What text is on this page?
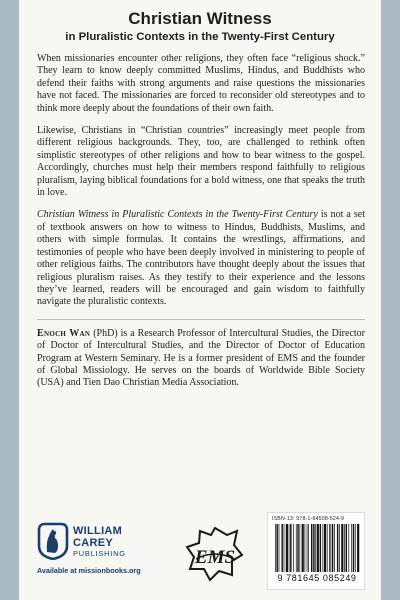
Christian Witness
in Pluralistic Contexts in the Twenty-First Century

When missionaries encounter other religions, they often face “religious shock.” They learn to know deeply committed Muslims, Hindus, and Buddhists who defend their faiths with strong arguments and raise questions the missionaries have not faced. The missionaries are forced to reconsider old stereotypes and to think more deeply about the foundations of their own faith.

Likewise, Christians in “Christian countries” increasingly meet people from different religious backgrounds. They, too, are challenged to rethink often simplistic stereotypes of other religions and how to bear witness to the gospel. Accordingly, churches must help their members respond faithfully to religious pluralism, laying biblical foundations for a bold witness, one that speaks the truth in love.

Christian Witness in Pluralistic Contexts in the Twenty-First Century is not a set of textbook answers on how to witness to Hindus, Buddhists, Muslims, and others with simple formulas. It contains the wrestlings, affirmations, and testimonies of people who have been deeply involved in ministering to people of other religious faiths. The contributors have thought deeply about the issues that religious pluralism raises. As they testify to their experience and the lessons they’ve learned, readers will be encouraged and gain wisdom to faithfully navigate the pluralistic contexts.

Enoch Wan (PhD) is a Research Professor of Intercultural Studies, the Director of Doctor of Intercultural Studies, and the Director of Doctor of Education Program at Western Seminary. He is a former president of EMS and the founder of Global Missiology. He serves on the boards of Worldwide Bible Society (USA) and Tien Dao Christian Media Association.

WILLIAM
CAREY
PUBLISHING
Available at missionbooks.org
EMS
ISBN-13: 978-1-64508-524-9
9 781645 085249
